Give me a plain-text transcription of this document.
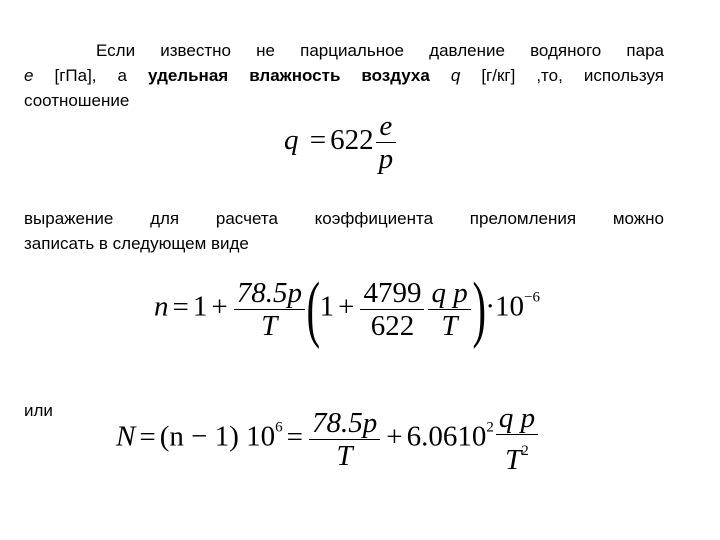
Если известно не парциальное давление водяного пара
e [гПа], а удельная влажность воздуха q [г/кг] ,то, используя
соотношение
$q = 622 \frac{e}{p}$
выражение для расчета коэффициента преломления можно
записать в следующем виде
$n = 1 + \frac{78.5p}{T} (1 + \frac{4799}{622} \frac{\text{q p}}{T} )\cdot 10^{-6}$
или
N = (n − 1) $10^6 = \frac{78.5p}{T} + 6.0610^2 \frac{\text{q p}}{T^2}$
